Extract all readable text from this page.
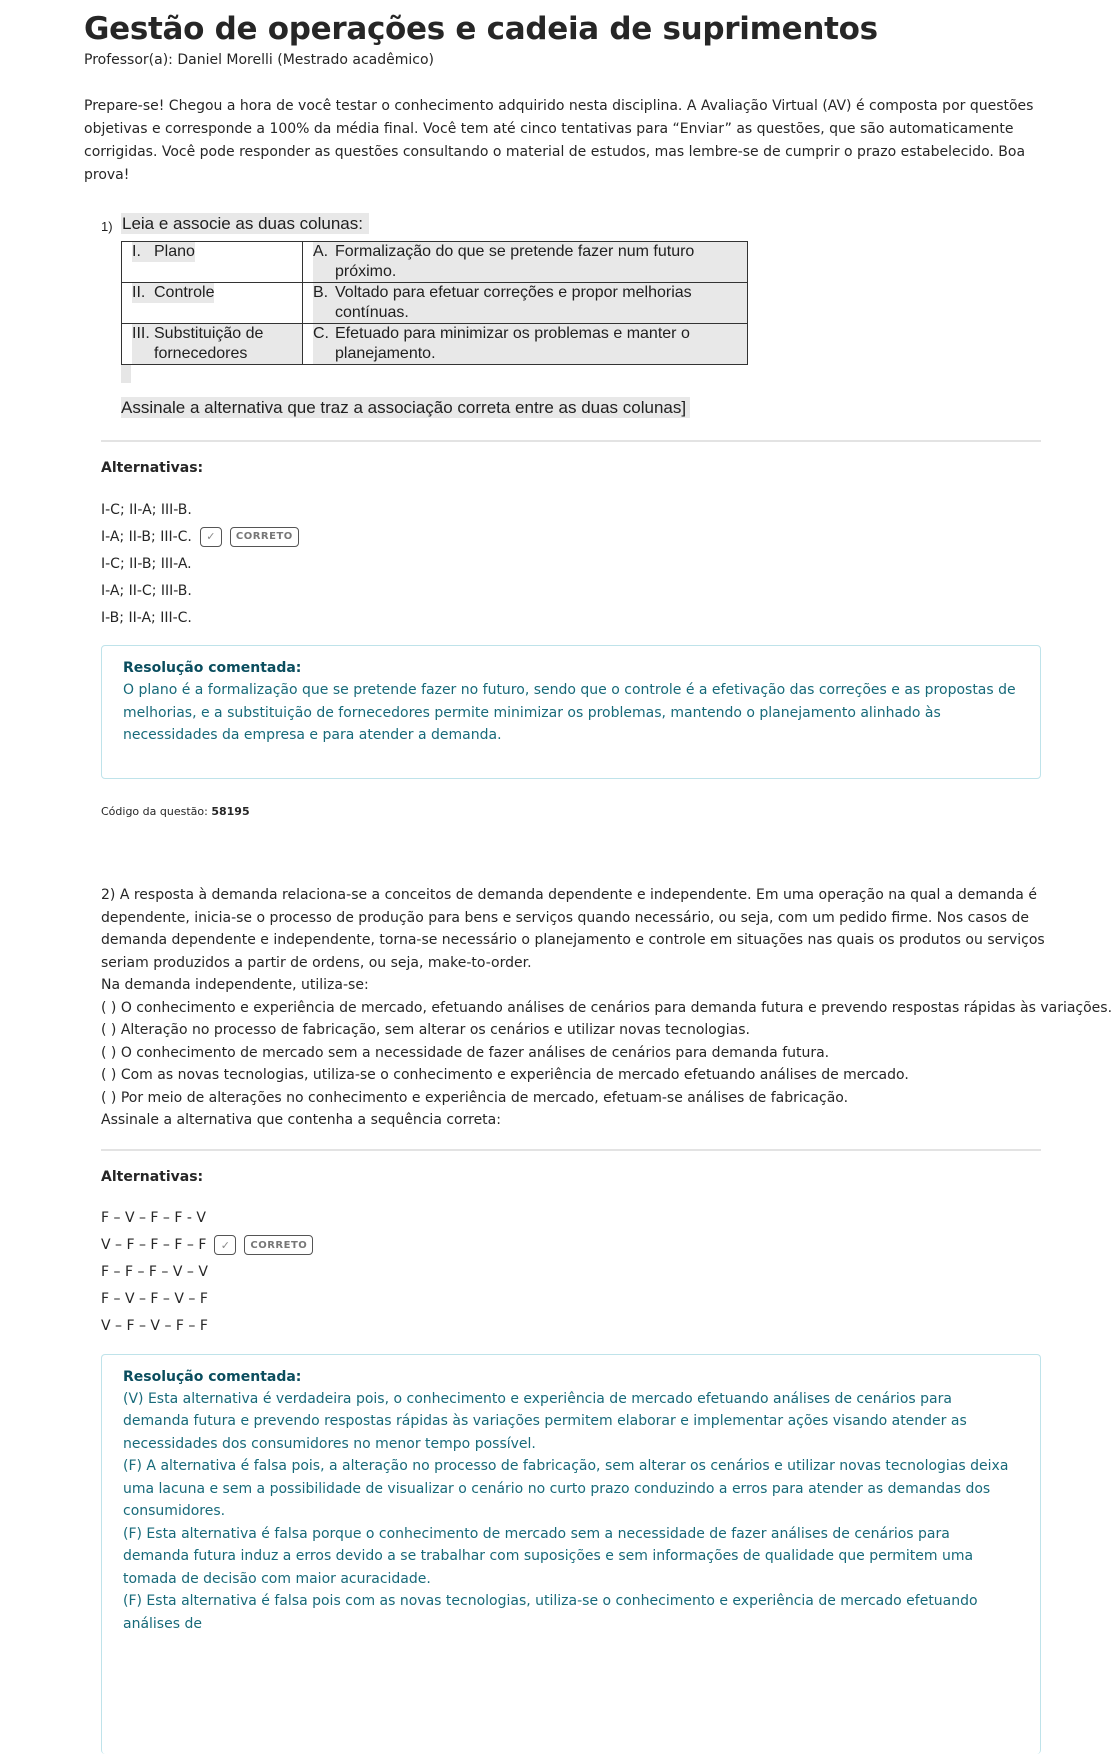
Gestão de operações e cadeia de suprimentos
Professor(a): Daniel Morelli (Mestrado acadêmico)

Prepare-se! Chegou a hora de você testar o conhecimento adquirido nesta disciplina. A Avaliação Virtual (AV) é composta por questões objetivas e corresponde a 100% da média final. Você tem até cinco tentativas para “Enviar” as questões, que são automaticamente corrigidas. Você pode responder as questões consultando o material de estudos, mas lembre-se de cumprir o prazo estabelecido. Boa prova!

1) Leia e associe as duas colunas:
I. Plano	A. Formalização do que se pretende fazer num futuro próximo.

II. Controle	B. Voltado para efetuar correções e propor melhorias contínuas.

III. Substituição de fornecedores	C. Efetuado para minimizar os problemas e manter o planejamento.
Assinale a alternativa que traz a associação correta entre as duas colunas]
Alternativas:
I-C; II-A; III-B.
I-A; II-B; III-C.	✓	CORRETO
I-C; II-B; III-A.
I-A; II-C; III-B.
I-B; II-A; III-C.
Resolução comentada:
O plano é a formalização que se pretende fazer no futuro, sendo que o controle é a efetivação das correções e as propostas de melhorias, e a substituição de fornecedores permite minimizar os problemas, mantendo o planejamento alinhado às necessidades da empresa e para atender a demanda.
Código da questão: 58195

2) A resposta à demanda relaciona-se a conceitos de demanda dependente e independente. Em uma operação na qual a demanda é dependente, inicia-se o processo de produção para bens e serviços quando necessário, ou seja, com um pedido firme. Nos casos de demanda dependente e independente, torna-se necessário o planejamento e controle em situações nas quais os produtos ou serviços seriam produzidos a partir de ordens, ou seja, make-to-order.

Na demanda independente, utiliza-se:

( ) O conhecimento e experiência de mercado, efetuando análises de cenários para demanda futura e prevendo respostas rápidas às variações.

( ) Alteração no processo de fabricação, sem alterar os cenários e utilizar novas tecnologias.

( ) O conhecimento de mercado sem a necessidade de fazer análises de cenários para demanda futura.

( ) Com as novas tecnologias, utiliza-se o conhecimento e experiência de mercado efetuando análises de mercado.

( ) Por meio de alterações no conhecimento e experiência de mercado, efetuam-se análises de fabricação.

Assinale a alternativa que contenha a sequência correta:

Alternativas:
F – V – F – F - V
V – F – F – F – F	✓	CORRETO
F – F – F – V – V
F – V – F – V – F
V – F – V – F – F
Resolução comentada:

(V) Esta alternativa é verdadeira pois, o conhecimento e experiência de mercado efetuando análises de cenários para demanda futura e prevendo respostas rápidas às variações permitem elaborar e implementar ações visando atender as necessidades dos consumidores no menor tempo possível.

(F) A alternativa é falsa pois, a alteração no processo de fabricação, sem alterar os cenários e utilizar novas tecnologias deixa uma lacuna e sem a possibilidade de visualizar o cenário no curto prazo conduzindo a erros para atender as demandas dos consumidores.

(F) Esta alternativa é falsa porque o conhecimento de mercado sem a necessidade de fazer análises de cenários para demanda futura induz a erros devido a se trabalhar com suposições e sem informações de qualidade que permitem uma tomada de decisão com maior acuracidade.

(F) Esta alternativa é falsa pois com as novas tecnologias, utiliza-se o conhecimento e experiência de mercado efetuando análises de
